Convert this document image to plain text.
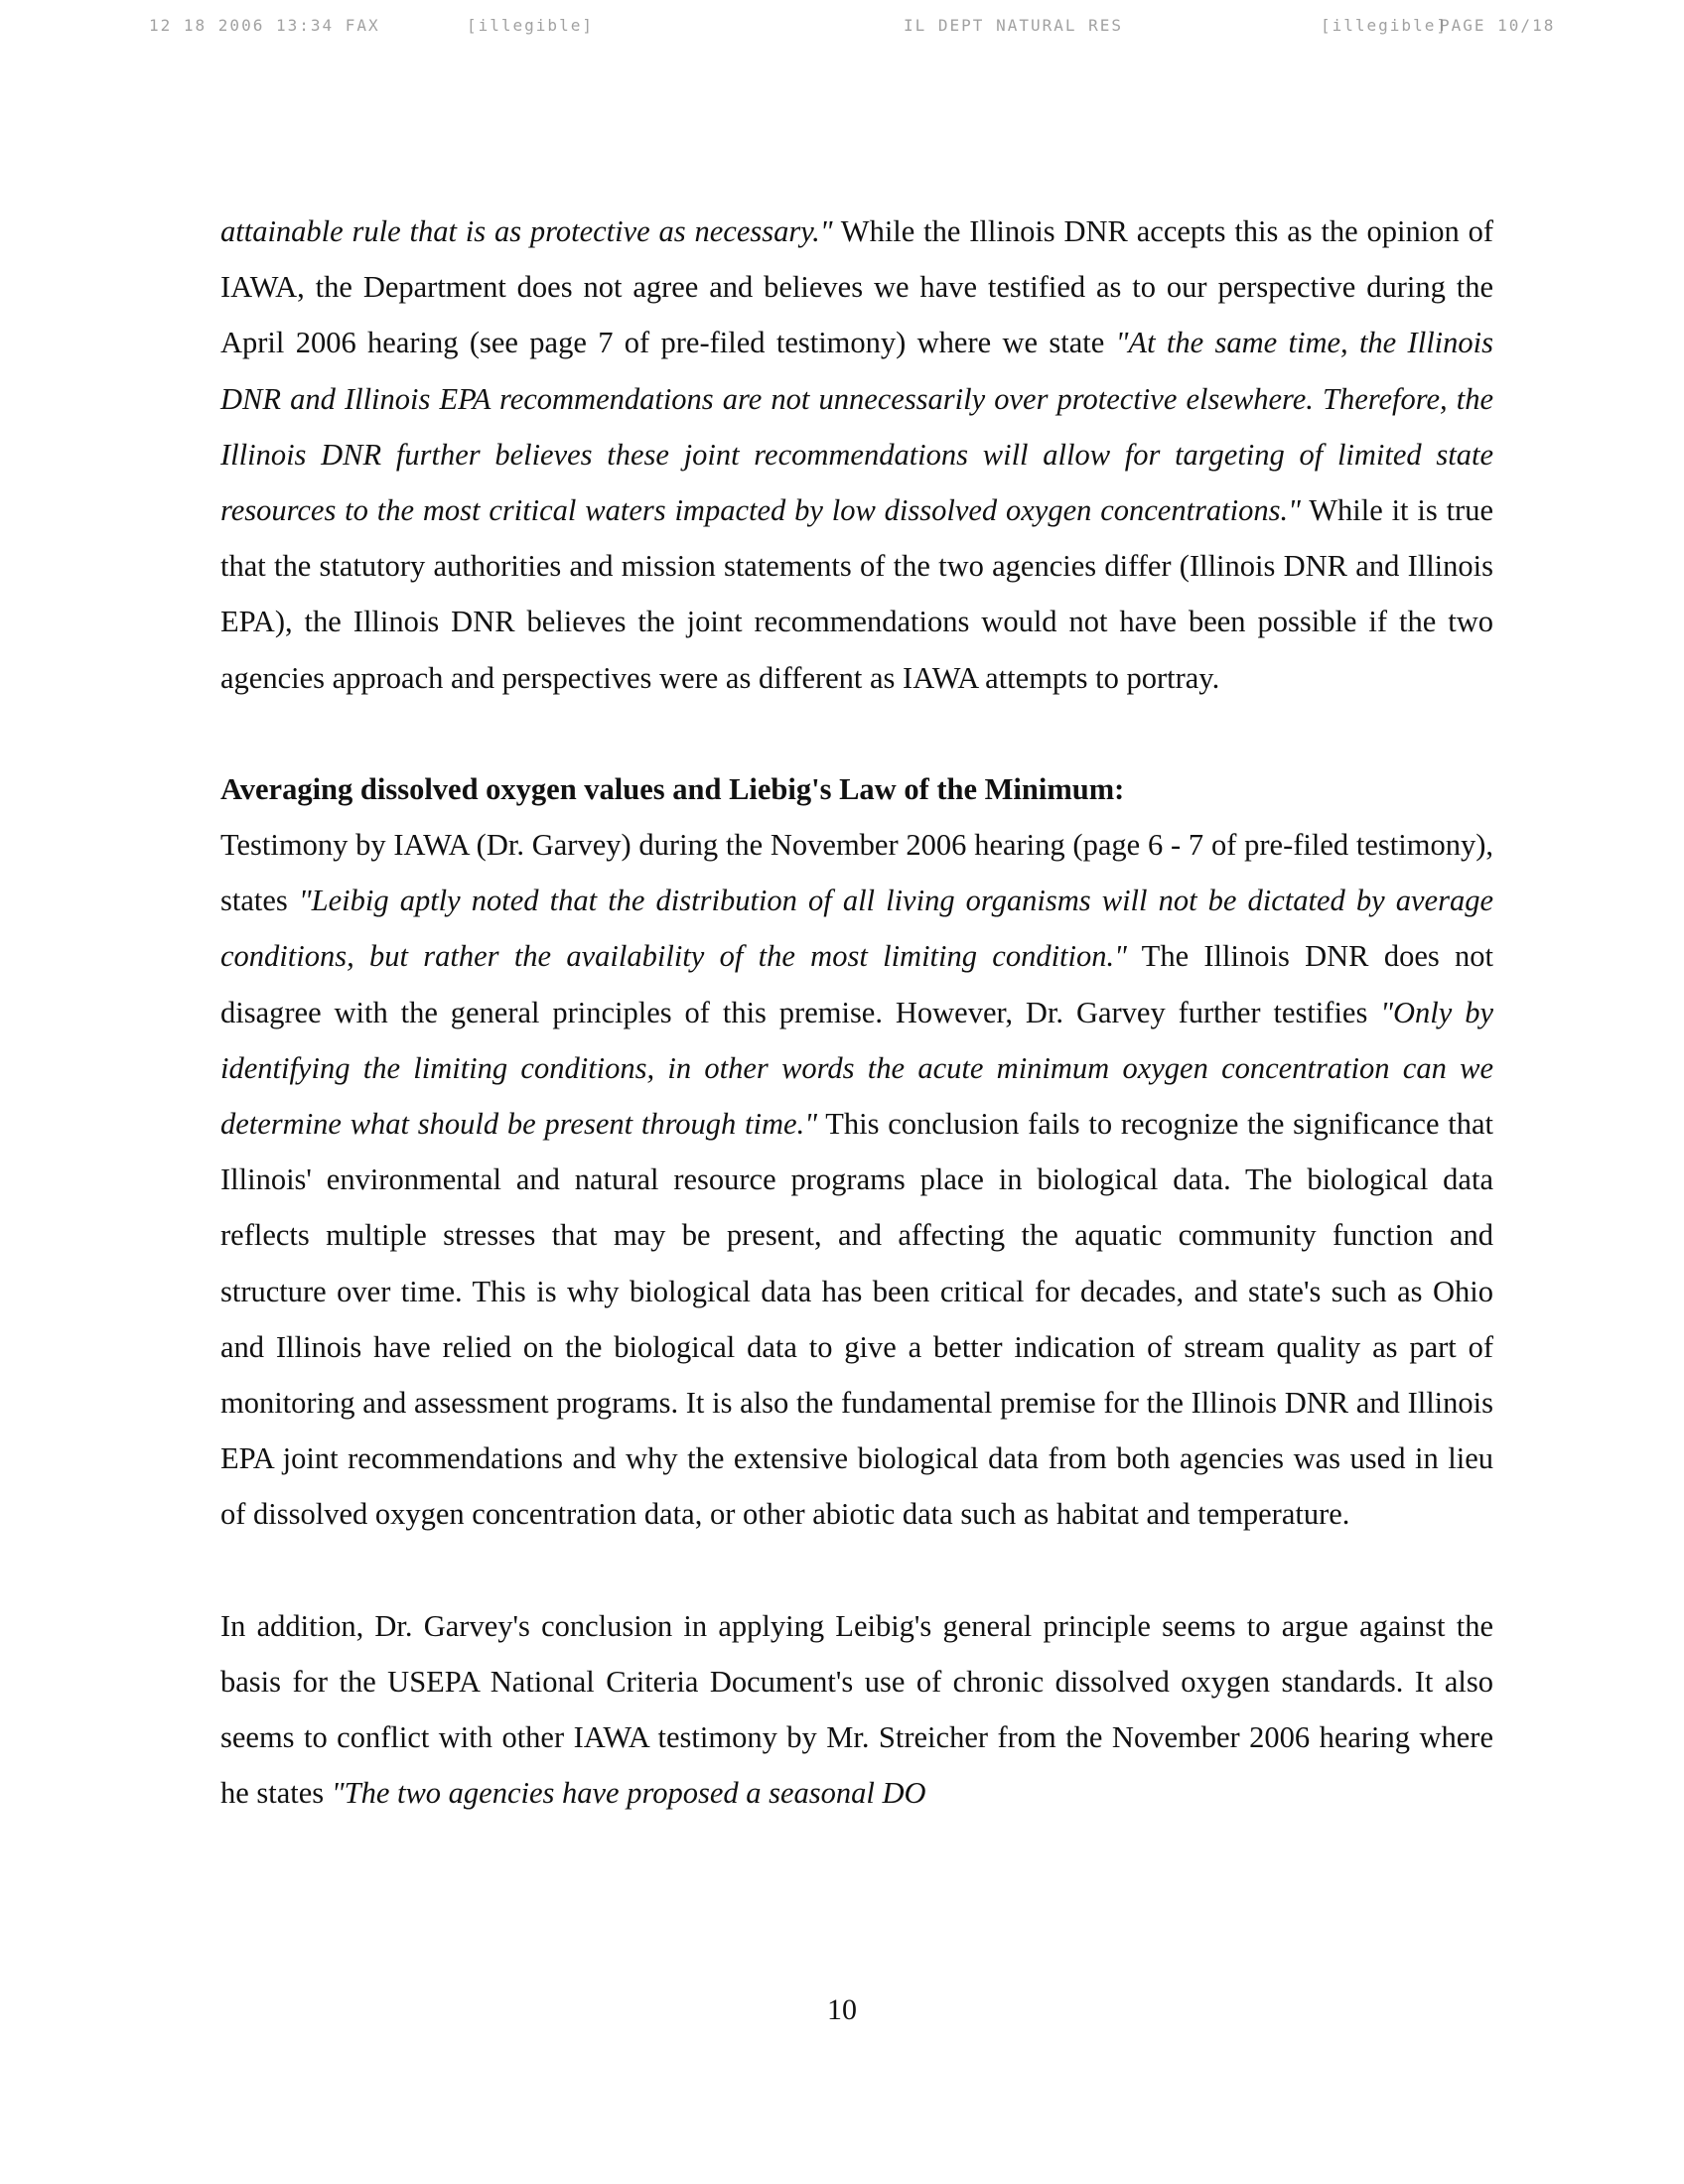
12 18 2006 13:34 FAX	[illegible]	IL DEPT NATURAL RES	[illegible]
PAGE 10/18

attainable rule that is as protective as necessary." While the Illinois DNR accepts this as the opinion of IAWA, the Department does not agree and believes we have testified as to our perspective during the April 2006 hearing (see page 7 of pre-filed testimony) where we state "At the same time, the Illinois DNR and Illinois EPA recommendations are not unnecessarily over protective elsewhere. Therefore, the Illinois DNR further believes these joint recommendations will allow for targeting of limited state resources to the most critical waters impacted by low dissolved oxygen concentrations." While it is true that the statutory authorities and mission statements of the two agencies differ (Illinois DNR and Illinois EPA), the Illinois DNR believes the joint recommendations would not have been possible if the two agencies approach and perspectives were as different as IAWA attempts to portray.

Averaging dissolved oxygen values and Liebig's Law of the Minimum:

Testimony by IAWA (Dr. Garvey) during the November 2006 hearing (page 6 - 7 of pre-filed testimony), states "Leibig aptly noted that the distribution of all living organisms will not be dictated by average conditions, but rather the availability of the most limiting condition." The Illinois DNR does not disagree with the general principles of this premise. However, Dr. Garvey further testifies "Only by identifying the limiting conditions, in other words the acute minimum oxygen concentration can we determine what should be present through time." This conclusion fails to recognize the significance that Illinois' environmental and natural resource programs place in biological data. The biological data reflects multiple stresses that may be present, and affecting the aquatic community function and structure over time. This is why biological data has been critical for decades, and state's such as Ohio and Illinois have relied on the biological data to give a better indication of stream quality as part of monitoring and assessment programs. It is also the fundamental premise for the Illinois DNR and Illinois EPA joint recommendations and why the extensive biological data from both agencies was used in lieu of dissolved oxygen concentration data, or other abiotic data such as habitat and temperature.

In addition, Dr. Garvey's conclusion in applying Leibig's general principle seems to argue against the basis for the USEPA National Criteria Document's use of chronic dissolved oxygen standards. It also seems to conflict with other IAWA testimony by Mr. Streicher from the November 2006 hearing where he states "The two agencies have proposed a seasonal DO

10
